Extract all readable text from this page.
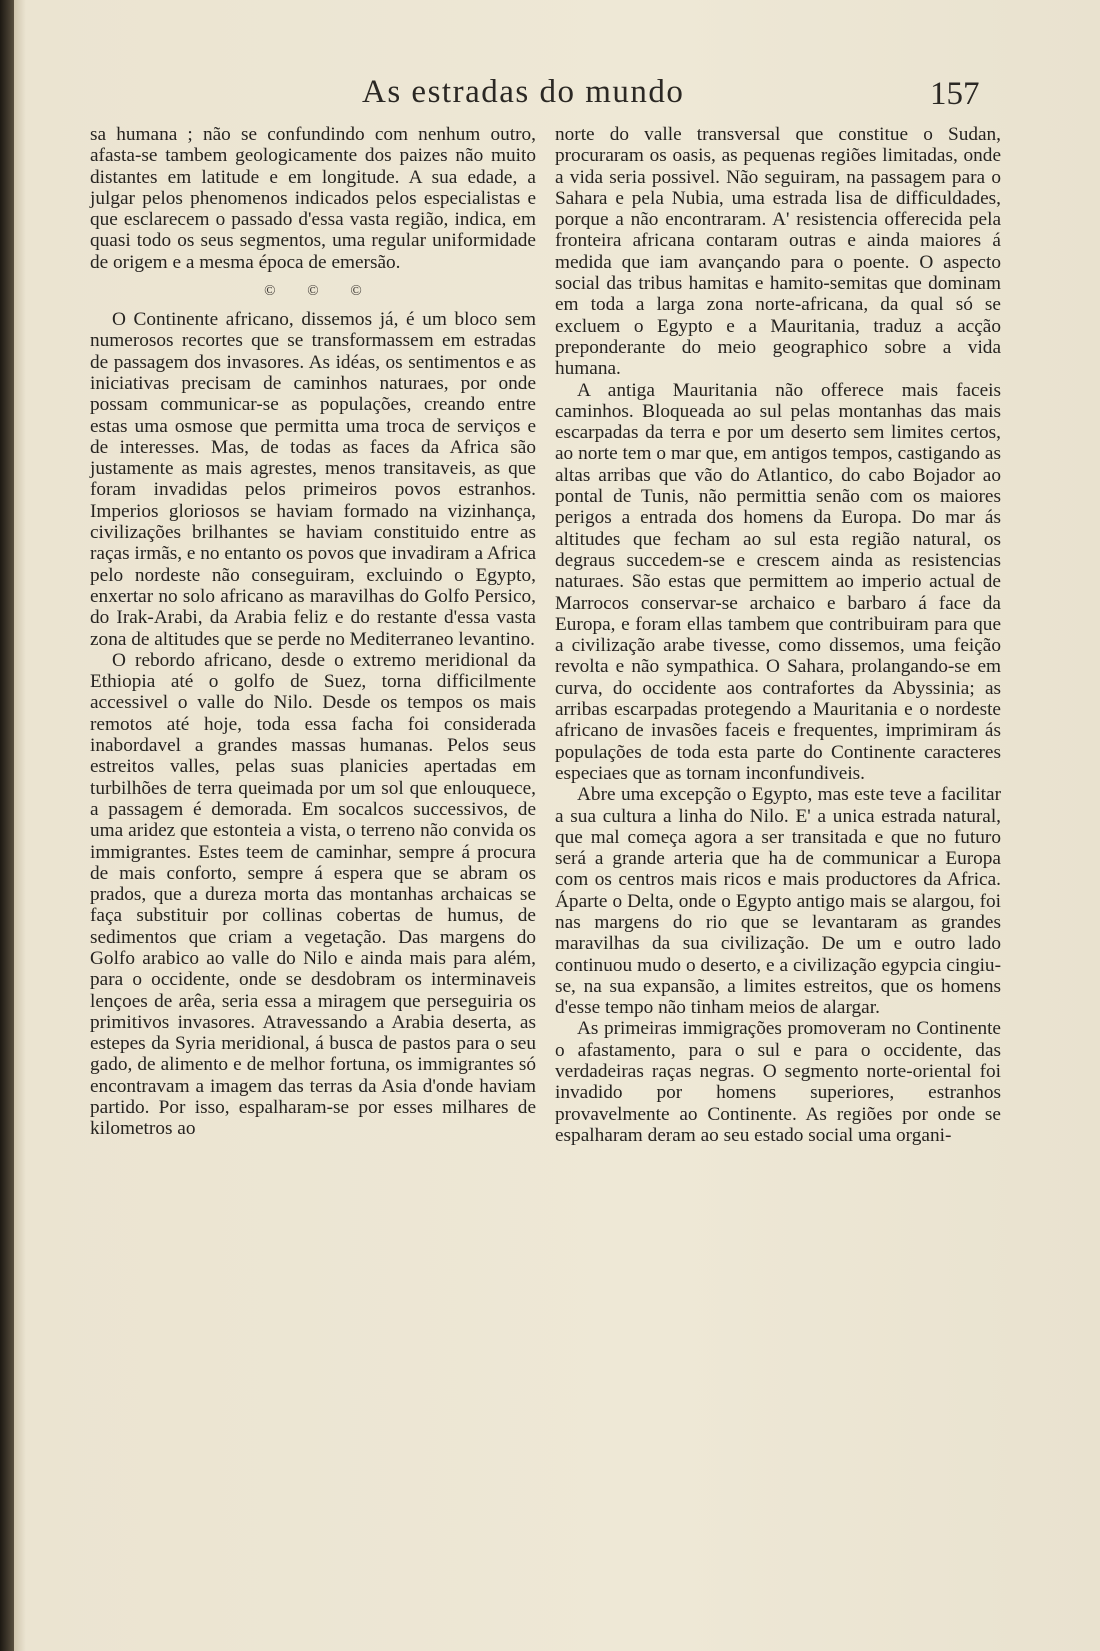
As estradas do mundo	157

sa humana ; não se confundindo com nenhum outro, afasta-se tambem geologicamente dos paizes não muito distantes em latitude e em longitude. A sua edade, a julgar pelos phenomenos indicados pelos especialistas e que esclarecem o passado d'essa vasta região, indica, em quasi todo os seus segmentos, uma regular uniformidade de origem e a mesma época de emersão.

© © ©

O Continente africano, dissemos já, é um bloco sem numerosos recortes que se transformassem em estradas de passagem dos invasores. As idéas, os sentimentos e as iniciativas precisam de caminhos naturaes, por onde possam communicar-se as populações, creando entre estas uma osmose que permitta uma troca de serviços e de interesses. Mas, de todas as faces da Africa são justamente as mais agrestes, menos transitaveis, as que foram invadidas pelos primeiros povos estranhos. Imperios gloriosos se haviam formado na vizinhança, civilizações brilhantes se haviam constituido entre as raças irmãs, e no entanto os povos que invadiram a Africa pelo nordeste não conseguiram, excluindo o Egypto, enxertar no solo africano as maravilhas do Golfo Persico, do Irak-Arabi, da Arabia feliz e do restante d'essa vasta zona de altitudes que se perde no Mediterraneo levantino.

O rebordo africano, desde o extremo meridional da Ethiopia até o golfo de Suez, torna difficilmente accessivel o valle do Nilo. Desde os tempos os mais remotos até hoje, toda essa facha foi considerada inabordavel a grandes massas humanas. Pelos seus estreitos valles, pelas suas planicies apertadas em turbilhões de terra queimada por um sol que enlouquece, a passagem é demorada. Em socalcos successivos, de uma aridez que estonteia a vista, o terreno não convida os immigrantes. Estes teem de caminhar, sempre á procura de mais conforto, sempre á espera que se abram os prados, que a dureza morta das montanhas archaicas se faça substituir por collinas cobertas de humus, de sedimentos que criam a vegetação. Das margens do Golfo arabico ao valle do Nilo e ainda mais para além, para o occidente, onde se desdobram os interminaveis lençoes de arêa, seria essa a miragem que perseguiria os primitivos invasores. Atravessando a Arabia deserta, as estepes da Syria meridional, á busca de pastos para o seu gado, de alimento e de melhor fortuna, os immigrantes só encontravam a imagem das terras da Asia d'onde haviam partido. Por isso, espalharam-se por esses milhares de kilometros ao

norte do valle transversal que constitue o Sudan, procuraram os oasis, as pequenas regiões limitadas, onde a vida seria possivel. Não seguiram, na passagem para o Sahara e pela Nubia, uma estrada lisa de difficuldades, porque a não encontraram. A' resistencia offerecida pela fronteira africana contaram outras e ainda maiores á medida que iam avançando para o poente. O aspecto social das tribus hamitas e hamito-semitas que dominam em toda a larga zona norte-africana, da qual só se excluem o Egypto e a Mauritania, traduz a acção preponderante do meio geographico sobre a vida humana.

A antiga Mauritania não offerece mais faceis caminhos. Bloqueada ao sul pelas montanhas das mais escarpadas da terra e por um deserto sem limites certos, ao norte tem o mar que, em antigos tempos, castigando as altas arribas que vão do Atlantico, do cabo Bojador ao pontal de Tunis, não permittia senão com os maiores perigos a entrada dos homens da Europa. Do mar ás altitudes que fecham ao sul esta região natural, os degraus succedem-se e crescem ainda as resistencias naturaes. São estas que permittem ao imperio actual de Marrocos conservar-se archaico e barbaro á face da Europa, e foram ellas tambem que contribuiram para que a civilização arabe tivesse, como dissemos, uma feição revolta e não sympathica. O Sahara, prolangando-se em curva, do occidente aos contrafortes da Abyssinia; as arribas escarpadas protegendo a Mauritania e o nordeste africano de invasões faceis e frequentes, imprimiram ás populações de toda esta parte do Continente caracteres especiaes que as tornam inconfundiveis.

Abre uma excepção o Egypto, mas este teve a facilitar a sua cultura a linha do Nilo. E' a unica estrada natural, que mal começa agora a ser transitada e que no futuro será a grande arteria que ha de communicar a Europa com os centros mais ricos e mais productores da Africa. Áparte o Delta, onde o Egypto antigo mais se alargou, foi nas margens do rio que se levantaram as grandes maravilhas da sua civilização. De um e outro lado continuou mudo o deserto, e a civilização egypcia cingiu-se, na sua expansão, a limites estreitos, que os homens d'esse tempo não tinham meios de alargar.

As primeiras immigrações promoveram no Continente o afastamento, para o sul e para o occidente, das verdadeiras raças negras. O segmento norte-oriental foi invadido por homens superiores, estranhos provavelmente ao Continente. As regiões por onde se espalharam deram ao seu estado social uma organi-
